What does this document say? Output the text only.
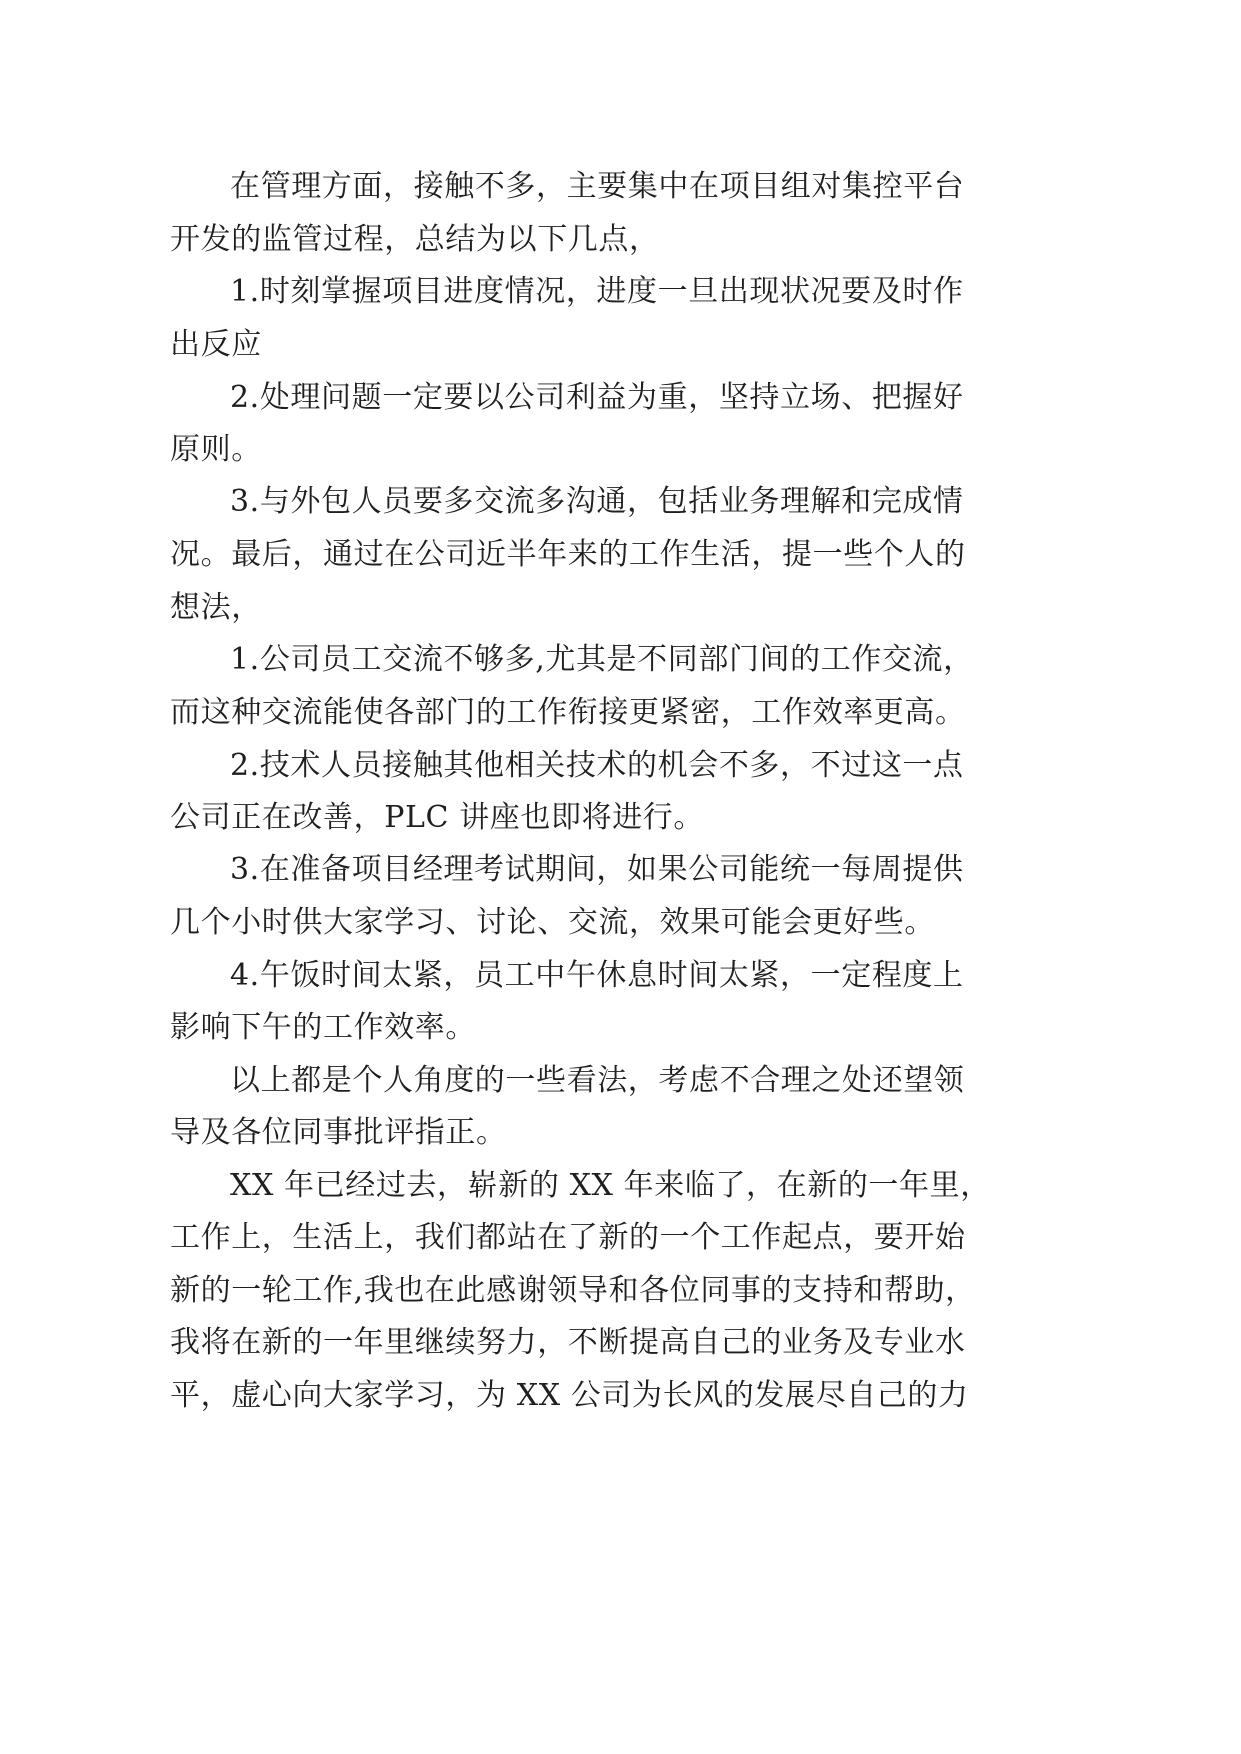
在管理方面，接触不多，主要集中在项目组对集控平台
开发的监管过程，总结为以下几点，
1.时刻掌握项目进度情况，进度一旦出现状况要及时作
出反应
2.处理问题一定要以公司利益为重，坚持立场、把握好
原则。
3.与外包人员要多交流多沟通，包括业务理解和完成情
况。最后，通过在公司近半年来的工作生活，提一些个人的
想法，
1.公司员工交流不够多,尤其是不同部门间的工作交流，
而这种交流能使各部门的工作衔接更紧密，工作效率更高。
2.技术人员接触其他相关技术的机会不多，不过这一点
公司正在改善，PLC 讲座也即将进行。
3.在准备项目经理考试期间，如果公司能统一每周提供
几个小时供大家学习、讨论、交流，效果可能会更好些。
4.午饭时间太紧，员工中午休息时间太紧，一定程度上
影响下午的工作效率。
以上都是个人角度的一些看法，考虑不合理之处还望领
导及各位同事批评指正。
XX 年已经过去，崭新的 XX 年来临了，在新的一年里，
工作上，生活上，我们都站在了新的一个工作起点，要开始
新的一轮工作,我也在此感谢领导和各位同事的支持和帮助，
我将在新的一年里继续努力，不断提高自己的业务及专业水
平，虚心向大家学习，为 XX 公司为长风的发展尽自己的力
